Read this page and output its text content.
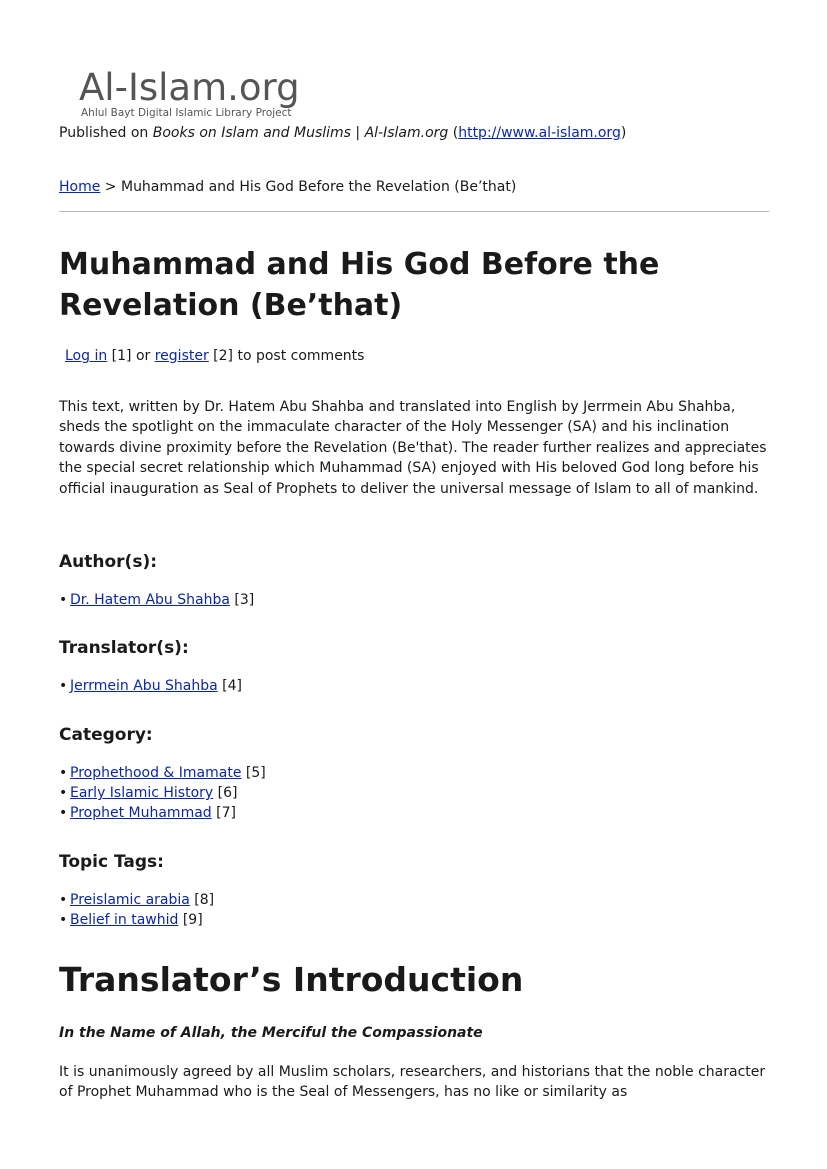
Al-Islam.org
Ahlul Bayt Digital Islamic Library Project
Published on Books on Islam and Muslims | Al-Islam.org (http://www.al-islam.org)
Home > Muhammad and His God Before the Revelation (Be’that)
Muhammad and His God Before the Revelation (Be’that)
Log in [1] or register [2] to post comments

This text, written by Dr. Hatem Abu Shahba and translated into English by Jerrmein Abu Shahba, sheds the spotlight on the immaculate character of the Holy Messenger (SA) and his inclination towards divine proximity before the Revelation (Be'that). The reader further realizes and appreciates the special secret relationship which Muhammad (SA) enjoyed with His beloved God long before his official inauguration as Seal of Prophets to deliver the universal message of Islam to all of mankind.

Author(s):
• Dr. Hatem Abu Shahba [3]
Translator(s):
• Jerrmein Abu Shahba [4]
Category:
• Prophethood & Imamate [5]
• Early Islamic History [6]
• Prophet Muhammad [7]
Topic Tags:
• Preislamic arabia [8]
• Belief in tawhid [9]
Translator’s Introduction

In the Name of Allah, the Merciful the Compassionate

It is unanimously agreed by all Muslim scholars, researchers, and historians that the noble character of Prophet Muhammad who is the Seal of Messengers, has no like or similarity as
